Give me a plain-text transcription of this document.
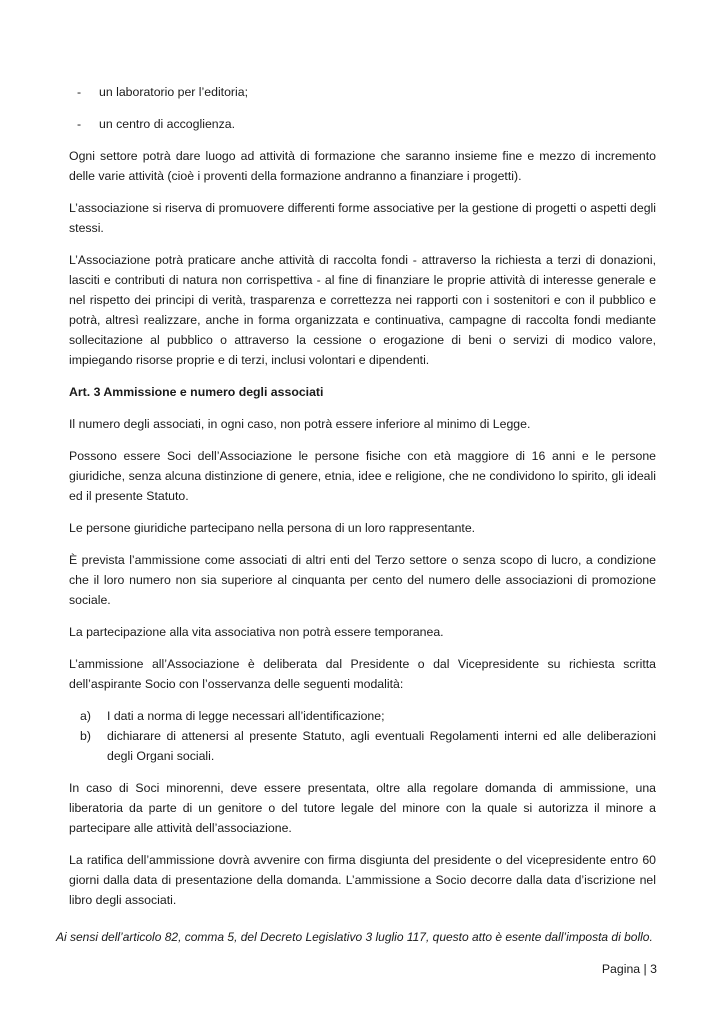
- un laboratorio per l’editoria;
- un centro di accoglienza.

Ogni settore potrà dare luogo ad attività di formazione che saranno insieme fine e mezzo di incremento delle varie attività (cioè i proventi della formazione andranno a finanziare i progetti).

L’associazione si riserva di promuovere differenti forme associative per la gestione di progetti o aspetti degli stessi.

L’Associazione potrà praticare anche attività di raccolta fondi - attraverso la richiesta a terzi di donazioni, lasciti e contributi di natura non corrispettiva - al fine di finanziare le proprie attività di interesse generale e nel rispetto dei principi di verità, trasparenza e correttezza nei rapporti con i sostenitori e con il pubblico e potrà, altresì realizzare, anche in forma organizzata e continuativa, campagne di raccolta fondi mediante sollecitazione al pubblico o attraverso la cessione o erogazione di beni o servizi di modico valore, impiegando risorse proprie e di terzi, inclusi volontari e dipendenti.

Art. 3 Ammissione e numero degli associati

Il numero degli associati, in ogni caso, non potrà essere inferiore al minimo di Legge.

Possono essere Soci dell’Associazione le persone fisiche con età maggiore di 16 anni e le persone giuridiche, senza alcuna distinzione di genere, etnia, idee e religione, che ne condividono lo spirito, gli ideali ed il presente Statuto.

Le persone giuridiche partecipano nella persona di un loro rappresentante.

È prevista l’ammissione come associati di altri enti del Terzo settore o senza scopo di lucro, a condizione che il loro numero non sia superiore al cinquanta per cento del numero delle associazioni di promozione sociale.

La partecipazione alla vita associativa non potrà essere temporanea.

L’ammissione all’Associazione è deliberata dal Presidente o dal Vicepresidente su richiesta scritta dell’aspirante Socio con l’osservanza delle seguenti modalità:

a) I dati a norma di legge necessari all’identificazione;
b) dichiarare di attenersi al presente Statuto, agli eventuali Regolamenti interni ed alle deliberazioni degli Organi sociali.

In caso di Soci minorenni, deve essere presentata, oltre alla regolare domanda di ammissione, una liberatoria da parte di un genitore o del tutore legale del minore con la quale si autorizza il minore a partecipare alle attività dell’associazione.

La ratifica dell’ammissione dovrà avvenire con firma disgiunta del presidente o del vicepresidente entro 60 giorni dalla data di presentazione della domanda. L’ammissione a Socio decorre dalla data d’iscrizione nel libro degli associati.

Ai sensi dell’articolo 82, comma 5, del Decreto Legislativo 3 luglio 117, questo atto è esente dall’imposta di bollo.
Pagina | 3
